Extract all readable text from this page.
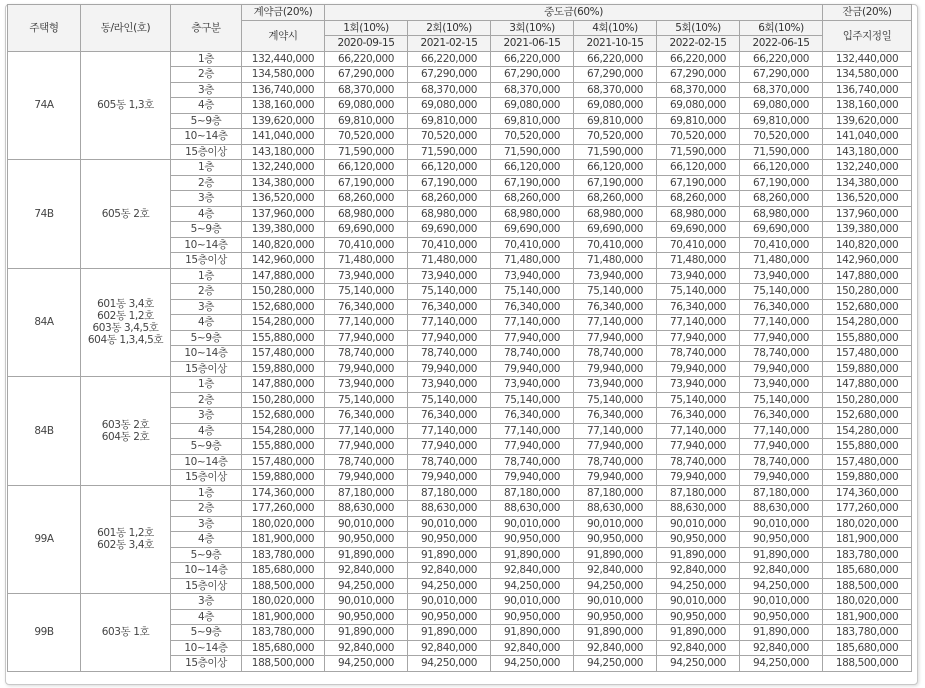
주택형	동/라인(호)	층구분	계약금(20%)	중도금(60%)						잔금(20%)
			계약시	1회(10%)	2회(10%)	3회(10%)	4회(10%)	5회(10%)	6회(10%)	입주지정일
				2020-09-15	2021-02-15	2021-06-15	2021-10-15	2022-02-15	2022-06-15	
74A	605동 1,3호	1층	132,440,000	66,220,000	66,220,000	66,220,000	66,220,000	66,220,000	66,220,000	132,440,000
		2층	134,580,000	67,290,000	67,290,000	67,290,000	67,290,000	67,290,000	67,290,000	134,580,000
		3층	136,740,000	68,370,000	68,370,000	68,370,000	68,370,000	68,370,000	68,370,000	136,740,000
		4층	138,160,000	69,080,000	69,080,000	69,080,000	69,080,000	69,080,000	69,080,000	138,160,000
		5~9층	139,620,000	69,810,000	69,810,000	69,810,000	69,810,000	69,810,000	69,810,000	139,620,000
		10~14층	141,040,000	70,520,000	70,520,000	70,520,000	70,520,000	70,520,000	70,520,000	141,040,000
		15층이상	143,180,000	71,590,000	71,590,000	71,590,000	71,590,000	71,590,000	71,590,000	143,180,000
74B	605동 2호	1층	132,240,000	66,120,000	66,120,000	66,120,000	66,120,000	66,120,000	66,120,000	132,240,000
		2층	134,380,000	67,190,000	67,190,000	67,190,000	67,190,000	67,190,000	67,190,000	134,380,000
		3층	136,520,000	68,260,000	68,260,000	68,260,000	68,260,000	68,260,000	68,260,000	136,520,000
		4층	137,960,000	68,980,000	68,980,000	68,980,000	68,980,000	68,980,000	68,980,000	137,960,000
		5~9층	139,380,000	69,690,000	69,690,000	69,690,000	69,690,000	69,690,000	69,690,000	139,380,000
		10~14층	140,820,000	70,410,000	70,410,000	70,410,000	70,410,000	70,410,000	70,410,000	140,820,000
		15층이상	142,960,000	71,480,000	71,480,000	71,480,000	71,480,000	71,480,000	71,480,000	142,960,000
84A	601동 3,4호
602동 1,2호
603동 3,4,5호
604동 1,3,4,5호	1층	147,880,000	73,940,000	73,940,000	73,940,000	73,940,000	73,940,000	73,940,000	147,880,000
		2층	150,280,000	75,140,000	75,140,000	75,140,000	75,140,000	75,140,000	75,140,000	150,280,000
		3층	152,680,000	76,340,000	76,340,000	76,340,000	76,340,000	76,340,000	76,340,000	152,680,000
		4층	154,280,000	77,140,000	77,140,000	77,140,000	77,140,000	77,140,000	77,140,000	154,280,000
		5~9층	155,880,000	77,940,000	77,940,000	77,940,000	77,940,000	77,940,000	77,940,000	155,880,000
		10~14층	157,480,000	78,740,000	78,740,000	78,740,000	78,740,000	78,740,000	78,740,000	157,480,000
		15층이상	159,880,000	79,940,000	79,940,000	79,940,000	79,940,000	79,940,000	79,940,000	159,880,000
84B	603동 2호
604동 2호	1층	147,880,000	73,940,000	73,940,000	73,940,000	73,940,000	73,940,000	73,940,000	147,880,000
		2층	150,280,000	75,140,000	75,140,000	75,140,000	75,140,000	75,140,000	75,140,000	150,280,000
		3층	152,680,000	76,340,000	76,340,000	76,340,000	76,340,000	76,340,000	76,340,000	152,680,000
		4층	154,280,000	77,140,000	77,140,000	77,140,000	77,140,000	77,140,000	77,140,000	154,280,000
		5~9층	155,880,000	77,940,000	77,940,000	77,940,000	77,940,000	77,940,000	77,940,000	155,880,000
		10~14층	157,480,000	78,740,000	78,740,000	78,740,000	78,740,000	78,740,000	78,740,000	157,480,000
		15층이상	159,880,000	79,940,000	79,940,000	79,940,000	79,940,000	79,940,000	79,940,000	159,880,000
99A	601동 1,2호
602동 3,4호	1층	174,360,000	87,180,000	87,180,000	87,180,000	87,180,000	87,180,000	87,180,000	174,360,000
		2층	177,260,000	88,630,000	88,630,000	88,630,000	88,630,000	88,630,000	88,630,000	177,260,000
		3층	180,020,000	90,010,000	90,010,000	90,010,000	90,010,000	90,010,000	90,010,000	180,020,000
		4층	181,900,000	90,950,000	90,950,000	90,950,000	90,950,000	90,950,000	90,950,000	181,900,000
		5~9층	183,780,000	91,890,000	91,890,000	91,890,000	91,890,000	91,890,000	91,890,000	183,780,000
		10~14층	185,680,000	92,840,000	92,840,000	92,840,000	92,840,000	92,840,000	92,840,000	185,680,000
		15층이상	188,500,000	94,250,000	94,250,000	94,250,000	94,250,000	94,250,000	94,250,000	188,500,000
99B	603동 1호	3층	180,020,000	90,010,000	90,010,000	90,010,000	90,010,000	90,010,000	90,010,000	180,020,000
		4층	181,900,000	90,950,000	90,950,000	90,950,000	90,950,000	90,950,000	90,950,000	181,900,000
		5~9층	183,780,000	91,890,000	91,890,000	91,890,000	91,890,000	91,890,000	91,890,000	183,780,000
		10~14층	185,680,000	92,840,000	92,840,000	92,840,000	92,840,000	92,840,000	92,840,000	185,680,000
		15층이상	188,500,000	94,250,000	94,250,000	94,250,000	94,250,000	94,250,000	94,250,000	188,500,000
